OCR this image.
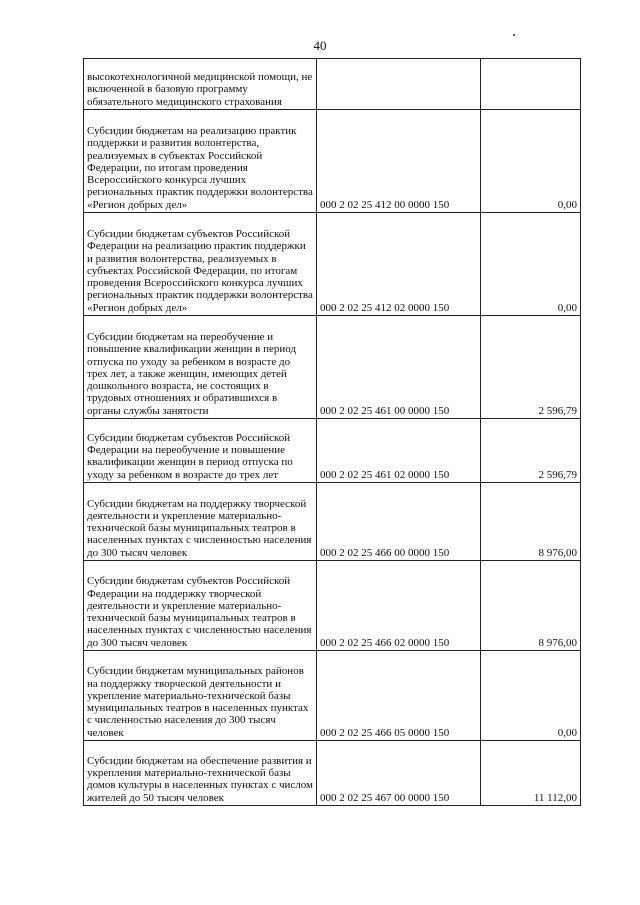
40
высокотехнологичной медицинской помощи, не включенной в базовую программу обязательного медицинского страхования		
Субсидии бюджетам на реализацию практик поддержки и развития волонтерства, реализуемых в субъектах Российской Федерации, по итогам проведения Всероссийского конкурса лучших региональных практик поддержки волонтерства «Регион добрых дел»	000 2 02 25 412 00 0000 150	0,00
Субсидии бюджетам субъектов Российской Федерации на реализацию практик поддержки и развития волонтерства, реализуемых в субъектах Российской Федерации, по итогам проведения Всероссийского конкурса лучших региональных практик поддержки волонтерства «Регион добрых дел»	000 2 02 25 412 02 0000 150	0,00
Субсидии бюджетам на переобучение и повышение квалификации женщин в период отпуска по уходу за ребенком в возрасте до трех лет, а также женщин, имеющих детей дошкольного возраста, не состоящих в трудовых отношениях и обратившихся в органы службы занятости	000 2 02 25 461 00 0000 150	2 596,79
Субсидии бюджетам субъектов Российской Федерации на переобучение и повышение квалификации женщин в период отпуска по уходу за ребенком в возрасте до трех лет	000 2 02 25 461 02 0000 150	2 596,79
Субсидии бюджетам на поддержку творческой деятельности и укрепление материально-технической базы муниципальных театров в населенных пунктах с численностью населения до 300 тысяч человек	000 2 02 25 466 00 0000 150	8 976,00
Субсидии бюджетам субъектов Российской Федерации на поддержку творческой деятельности и укрепление материально-технической базы муниципальных театров в населенных пунктах с численностью населения до 300 тысяч человек	000 2 02 25 466 02 0000 150	8 976,00
Субсидии бюджетам муниципальных районов на поддержку творческой деятельности и укрепление материально-технической базы муниципальных театров в населенных пунктах с численностью населения до 300 тысяч человек	000 2 02 25 466 05 0000 150	0,00
Субсидии бюджетам на обеспечение развития и укрепления материально-технической базы домов культуры в населенных пунктах с числом жителей до 50 тысяч человек	000 2 02 25 467 00 0000 150	11 112,00
